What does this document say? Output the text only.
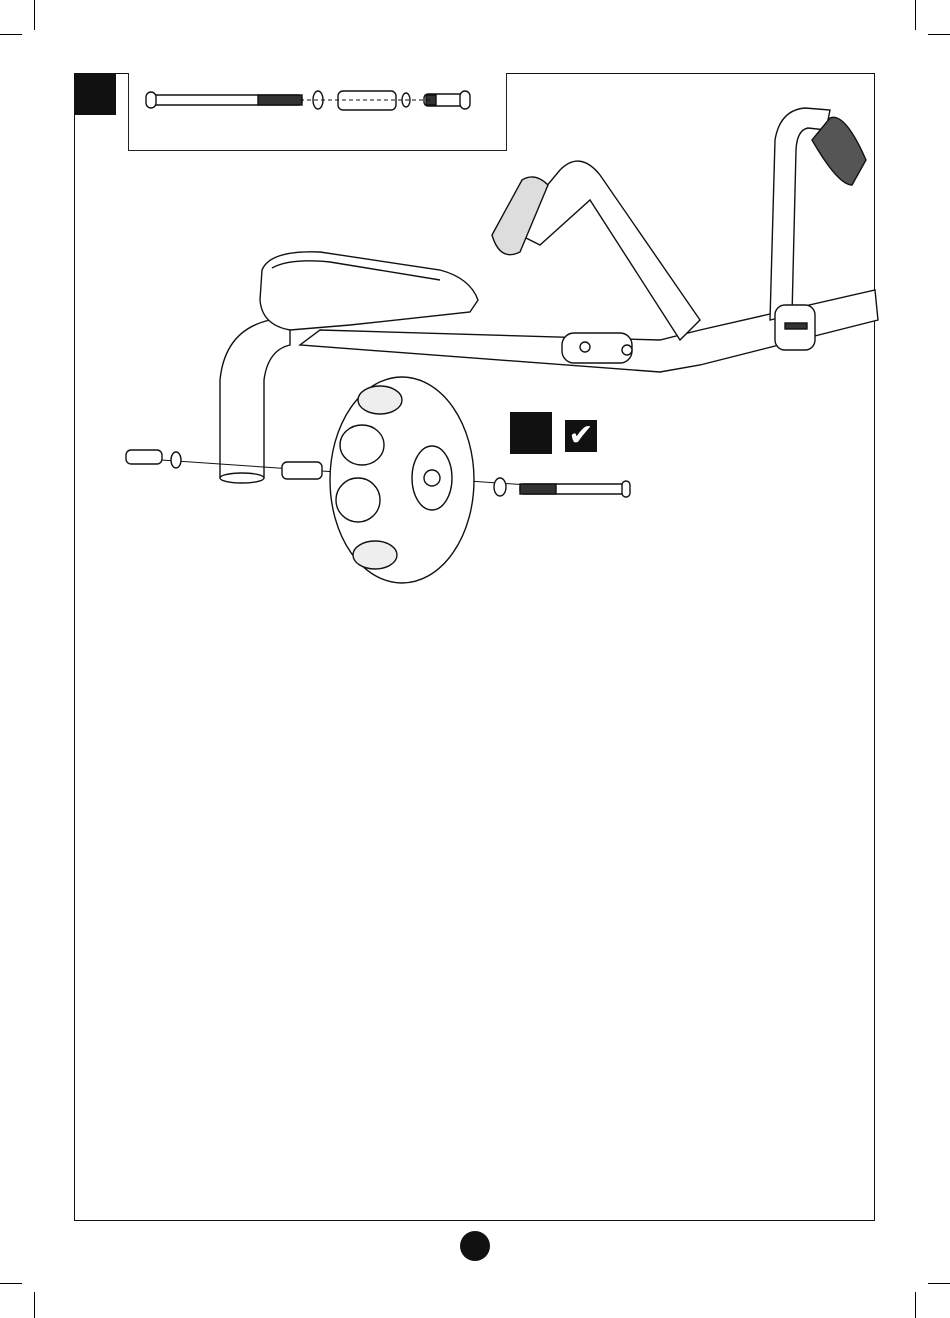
✔
